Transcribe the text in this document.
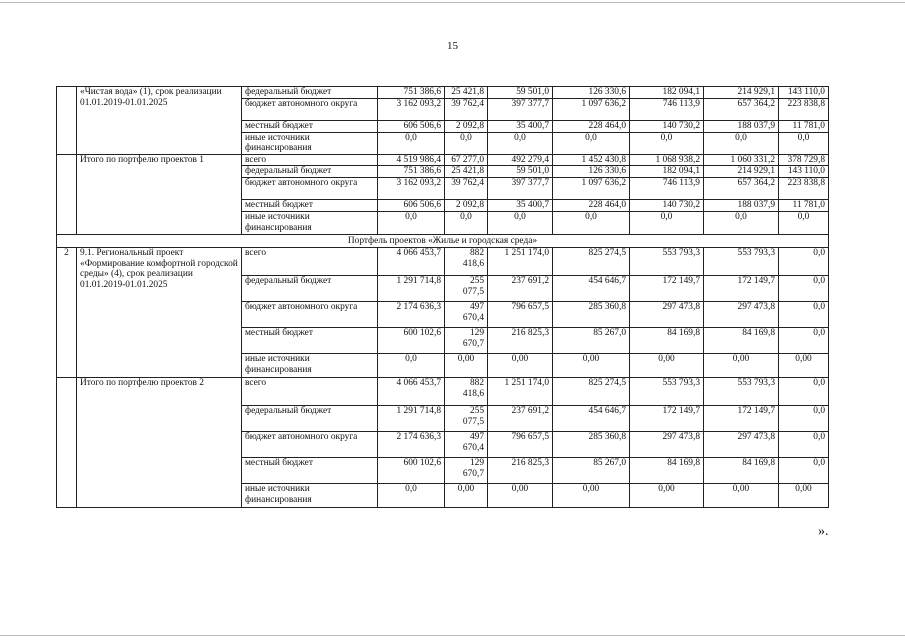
15
	«Чистая вода» (1), срок реализации 01.01.2019-01.01.2025	федеральный бюджет	751 386,6	25 421,8	59 501,0	126 330,6	182 094,1	214 929,1	143 110,0
		бюджет автономного округа	3 162 093,2	39 762,4	397 377,7	1 097 636,2	746 113,9	657 364,2	223 838,8
		местный бюджет	606 506,6	2 092,8	35 400,7	228 464,0	140 730,2	188 037,9	11 781,0
		иные источники финансирования	0,0	0,0	0,0	0,0	0,0	0,0	0,0
	Итого по портфелю проектов 1	всего	4 519 986,4	67 277,0	492 279,4	1 452 430,8	1 068 938,2	1 060 331,2	378 729,8
		федеральный бюджет	751 386,6	25 421,8	59 501,0	126 330,6	182 094,1	214 929,1	143 110,0
		бюджет автономного округа	3 162 093,2	39 762,4	397 377,7	1 097 636,2	746 113,9	657 364,2	223 838,8
		местный бюджет	606 506,6	2 092,8	35 400,7	228 464,0	140 730,2	188 037,9	11 781,0
		иные источники финансирования	0,0	0,0	0,0	0,0	0,0	0,0	0,0
Портфель проектов «Жилье и городская среда»									
2	9.1. Региональный проект «Формирование комфортной городской среды» (4), срок реализации 01.01.2019-01.01.2025	всего	4 066 453,7	882 418,6	1 251 174,0	825 274,5	553 793,3	553 793,3	0,0
		федеральный бюджет	1 291 714,8	255 077,5	237 691,2	454 646,7	172 149,7	172 149,7	0,0
		бюджет автономного округа	2 174 636,3	497 670,4	796 657,5	285 360,8	297 473,8	297 473,8	0,0
		местный бюджет	600 102,6	129 670,7	216 825,3	85 267,0	84 169,8	84 169,8	0,0
		иные источники финансирования	0,0	0,00	0,00	0,00	0,00	0,00	0,00
	Итого по портфелю проектов 2	всего	4 066 453,7	882 418,6	1 251 174,0	825 274,5	553 793,3	553 793,3	0,0
		федеральный бюджет	1 291 714,8	255 077,5	237 691,2	454 646,7	172 149,7	172 149,7	0,0
		бюджет автономного округа	2 174 636,3	497 670,4	796 657,5	285 360,8	297 473,8	297 473,8	0,0
		местный бюджет	600 102,6	129 670,7	216 825,3	85 267,0	84 169,8	84 169,8	0,0
		иные источники финансирования	0,0	0,00	0,00	0,00	0,00	0,00	0,00
».
